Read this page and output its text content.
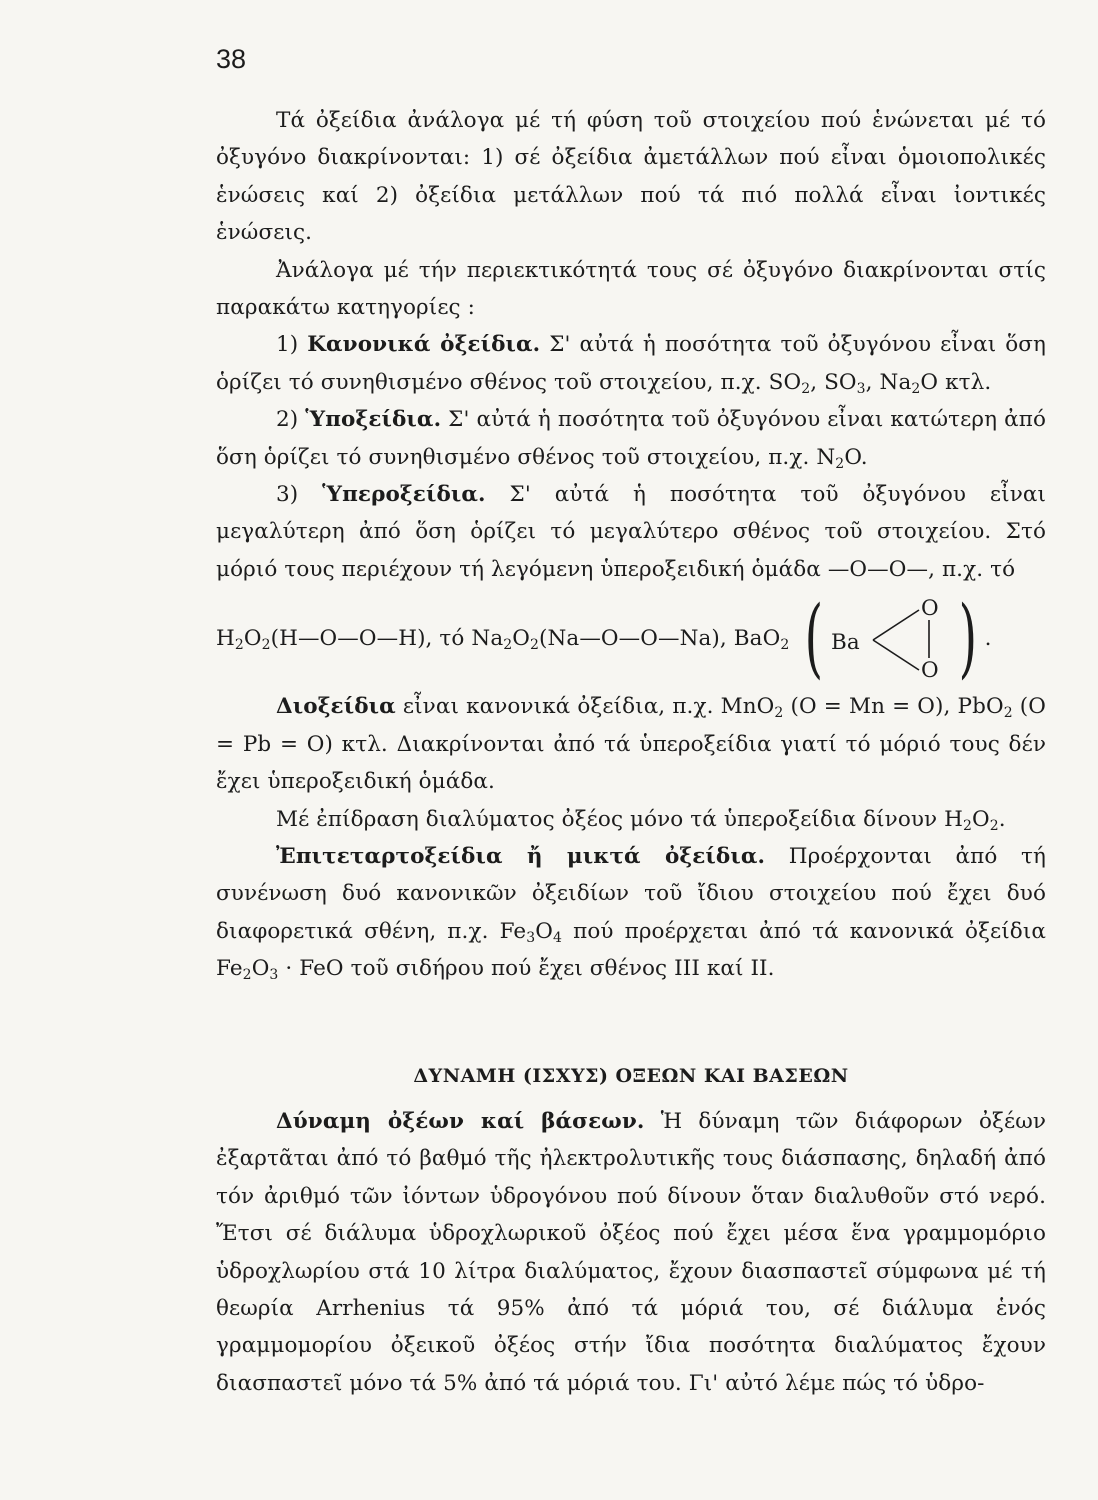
38

Τά ὀξείδια ἀνάλογα μέ τή φύση τοῦ στοιχείου πού ἑνώνεται μέ τό ὀξυγόνο διακρίνονται: 1) σέ ὀξείδια ἀμετάλλων πού εἶναι ὁμοιοπολικές ἑνώσεις καί 2) ὀξείδια μετάλλων πού τά πιό πολλά εἶναι ἰοντικές ἑνώσεις.

Ἀνάλογα μέ τήν περιεκτικότητά τους σέ ὀξυγόνο διακρίνονται στίς παρακάτω κατηγορίες :

1) Κανονικά ὀξείδια. Σ' αὐτά ἡ ποσότητα τοῦ ὀξυγόνου εἶναι ὅση ὁρίζει τό συνηθισμένο σθένος τοῦ στοιχείου, π.χ. $SO_2$, $SO_3$, $Na_2O$ κτλ.

2) Ὑποξείδια. Σ' αὐτά ἡ ποσότητα τοῦ ὀξυγόνου εἶναι κατώτερη ἀπό ὅση ὁρίζει τό συνηθισμένο σθένος τοῦ στοιχείου, π.χ. $N_2O$.

3) Ὑπεροξείδια. Σ' αὐτά ἡ ποσότητα τοῦ ὀξυγόνου εἶναι μεγαλύτερη ἀπό ὅση ὁρίζει τό μεγαλύτερο σθένος τοῦ στοιχείου. Στό μόριό τους περιέχουν τή λεγόμενη ὑπεροξειδική ὁμάδα —O—O—, π.χ. τό

$H_2O_2(H—O—O—H)$, τό
$Na_2O_2(Na—O—O—Na)$,
BaO$_2$ ( Ba
O
O ) .

Διοξείδια εἶναι κανονικά ὀξείδια, π.χ. MnO$_2$ (O = Mn = O), PbO$_2$ (O = Pb = O) κτλ. Διακρίνονται ἀπό τά ὑπεροξείδια γιατί τό μόριό τους δέν ἔχει ὑπεροξειδική ὁμάδα.

Μέ ἐπίδραση διαλύματος ὀξέος μόνο τά ὑπεροξείδια δίνουν $H_2O_2$.

Ἐπιτεταρτοξείδια ἤ μικτά ὀξείδια. Προέρχονται ἀπό τή συνένωση δυό κανονικῶν ὀξειδίων τοῦ ἴδιου στοιχείου πού ἔχει δυό διαφορετικά σθένη, π.χ. $Fe_3O_4$ πού προέρχεται ἀπό τά κανονικά ὀξείδια $Fe_2O_3$ · FeO τοῦ σιδήρου πού ἔχει σθένος III καί II.

ΔΥΝΑΜΗ (ΙΣΧΥΣ) ΟΞΕΩΝ ΚΑΙ ΒΑΣΕΩΝ

Δύναμη ὀξέων καί βάσεων. Ἡ δύναμη τῶν διάφορων ὀξέων ἐξαρτᾶται ἀπό τό βαθμό τῆς ἠλεκτρολυτικῆς τους διάσπασης, δηλαδή ἀπό τόν ἀριθμό τῶν ἰόντων ὑδρογόνου πού δίνουν ὅταν διαλυθοῦν στό νερό. Ἔτσι σέ διάλυμα ὑδροχλωρικοῦ ὀξέος πού ἔχει μέσα ἕνα γραμμομόριο ὑδροχλωρίου στά 10 λίτρα διαλύματος, ἔχουν διασπαστεῖ σύμφωνα μέ τή θεωρία Arrhenius τά 95% ἀπό τά μόριά του, σέ διάλυμα ἑνός γραμμομορίου ὀξεικοῦ ὀξέος στήν ἴδια ποσότητα διαλύματος ἔχουν διασπαστεῖ μόνο τά 5% ἀπό τά μόριά του. Γι' αὐτό λέμε πώς τό ὑδρο-
